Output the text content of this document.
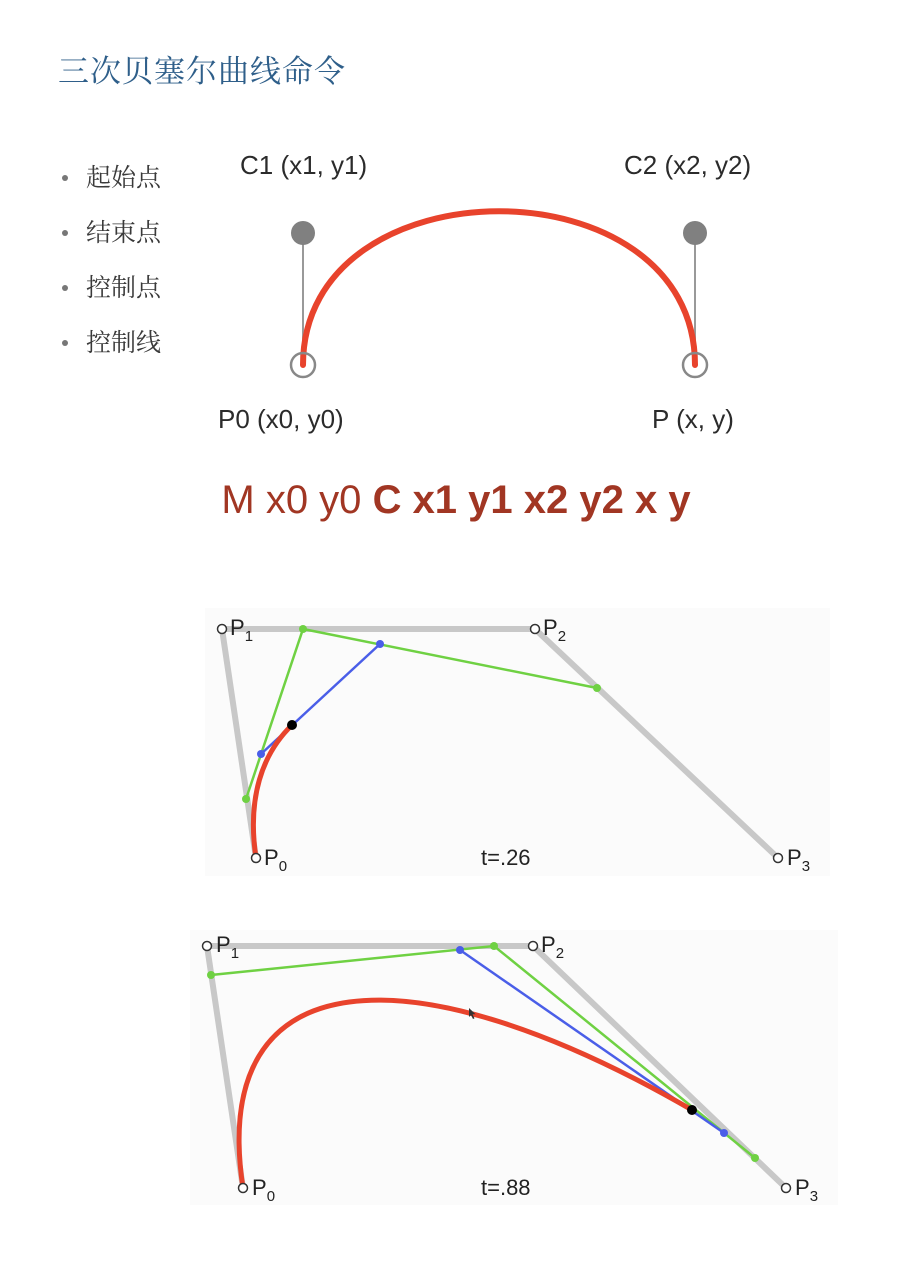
三次贝塞尔曲线命令
起始点
结束点
控制点
控制线
C1 (x1, y1)	C2 (x2, y2)
P0 (x0, y0)	P (x, y)
M x0 y0 C x1 y1 x2 y2 x y
$P_0$
$P_1$	$P_2$
$P_3$
t=.26
$P_0$
$P_1$	$P_2$
$P_3$
t=.88
